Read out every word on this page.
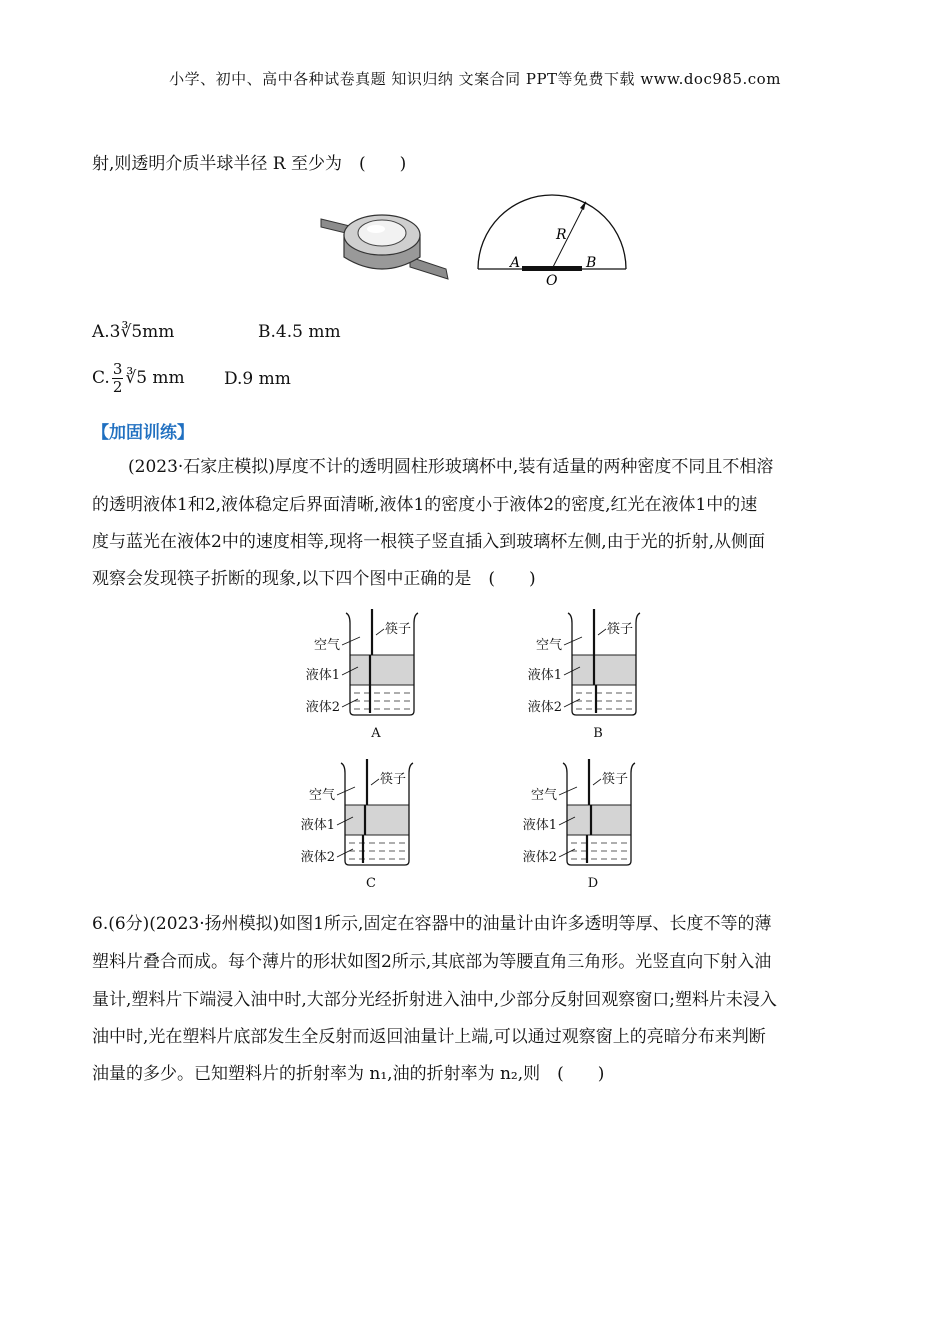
小学、初中、高中各种试卷真题 知识归纳 文案合同 PPT等免费下载 www.doc985.com
射,则透明介质半球半径 R 至少为　(　　)
R
A	B
O
A.3∛5mm	B.4.5 mm
C. $\frac{3}{2}$ ∛5 mm D.9 mm
【加固训练】
(2023·石家庄模拟)厚度不计的透明圆柱形玻璃杯中,装有适量的两种密度不同且不相溶
的透明液体1和2,液体稳定后界面清晰,液体1的密度小于液体2的密度,红光在液体1中的速
度与蓝光在液体2中的速度相等,现将一根筷子竖直插入到玻璃杯左侧,由于光的折射,从侧面
观察会发现筷子折断的现象,以下四个图中正确的是　(　　)
筷子
空气
液体1
液体2
A
筷子
空气
液体1
液体2
B
筷子
空气
液体1
液体2
C
筷子
空气
液体1
液体2
D
6.(6分)(2023·扬州模拟)如图1所示,固定在容器中的油量计由许多透明等厚、长度不等的薄
塑料片叠合而成。每个薄片的形状如图2所示,其底部为等腰直角三角形。光竖直向下射入油
量计,塑料片下端浸入油中时,大部分光经折射进入油中,少部分反射回观察窗口;塑料片未浸入
油中时,光在塑料片底部发生全反射而返回油量计上端,可以通过观察窗上的亮暗分布来判断
油量的多少。已知塑料片的折射率为 n₁,油的折射率为 n₂,则　(　　)
